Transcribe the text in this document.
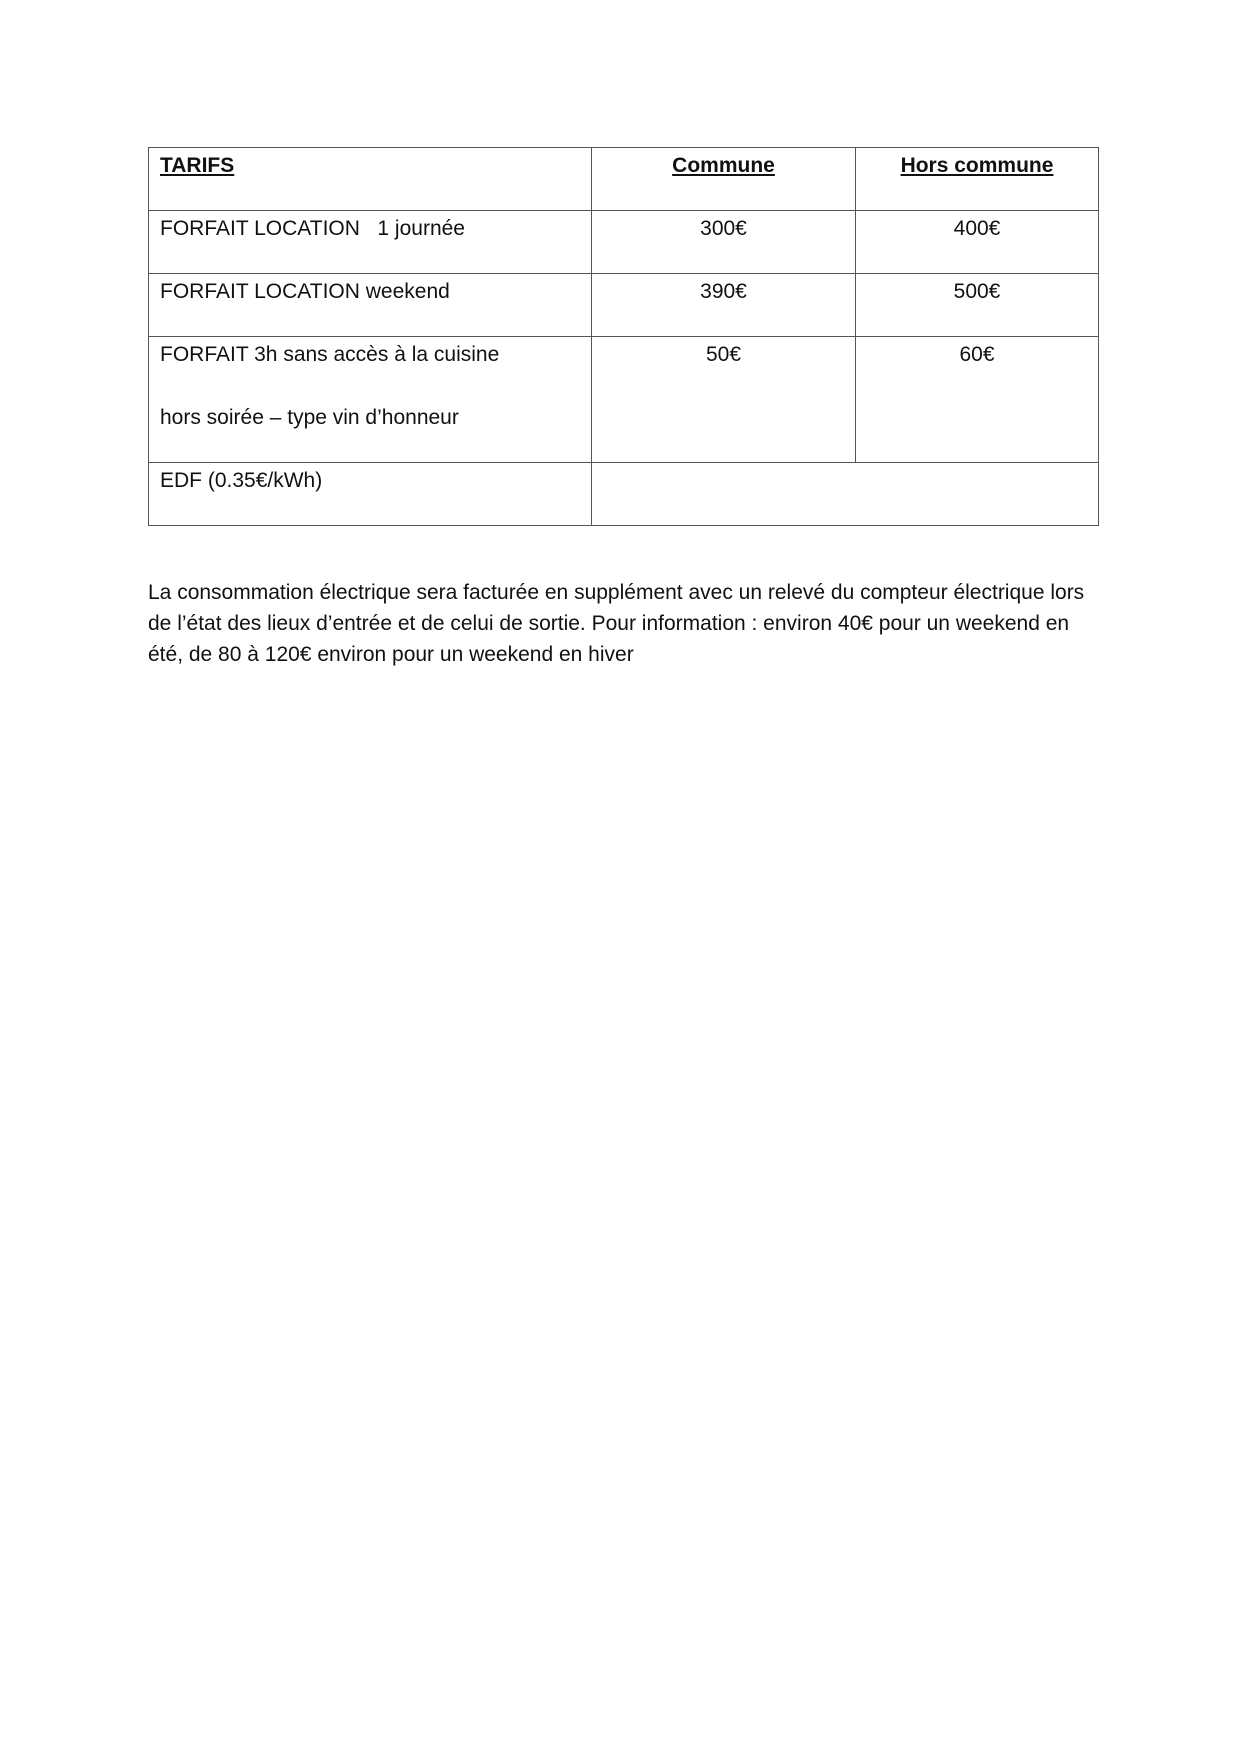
TARIFS	Commune	Hors commune

FORFAIT LOCATION   1 journée	300€	400€

FORFAIT LOCATION weekend	390€	500€

FORFAIT 3h sans accès à la cuisine
hors soirée – type vin d’honneur	50€	60€

EDF (0.35€/kWh)		

La consommation électrique sera facturée en supplément avec un relevé du compteur électrique lors de l’état des lieux d’entrée et de celui de sortie. Pour information : environ 40€ pour un weekend en été, de 80 à 120€ environ pour un weekend en hiver
